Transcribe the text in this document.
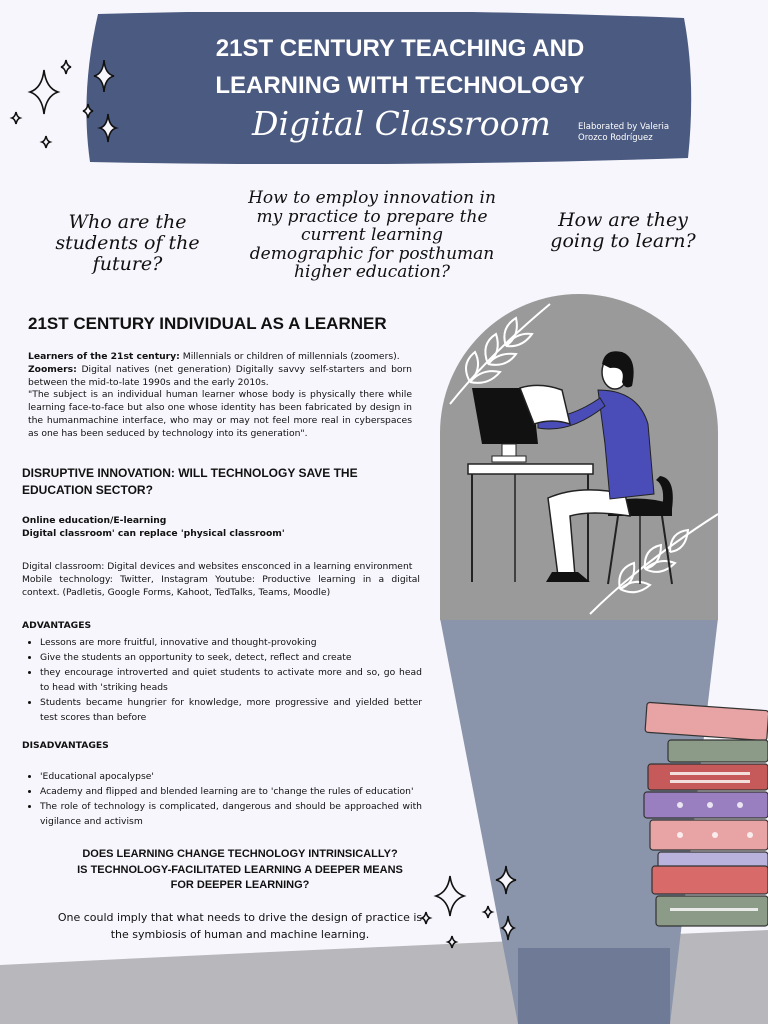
21ST CENTURY TEACHING AND
LEARNING WITH TECHNOLOGY
Digital Classroom	Elaborated by Valeria
Orozco Rodríguez
Who are the students of the future?
How to employ innovation in my practice to prepare the current learning demographic for posthuman higher education?
How are they going to learn?
21ST CENTURY INDIVIDUAL AS A LEARNER

Learners of the 21st century: Millennials or children of millennials (zoomers).

Zoomers: Digital natives (net generation) Digitally savvy self-starters and born between the mid-to-late 1990s and the early 2010s.

"The subject is an individual human learner whose body is physically there while learning face-to-face but also one whose identity has been fabricated by design in the humanmachine interface, who may or may not feel more real in cyberspaces as one has been seduced by technology into its generation".

DISRUPTIVE INNOVATION: WILL TECHNOLOGY SAVE THE EDUCATION SECTOR?

Online education/E-learning

Digital classroom' can replace 'physical classroom'

Digital classroom: Digital devices and websites ensconced in a learning environment

Mobile technology: Twitter, Instagram Youtube: Productive learning in a digital context. (Padletis, Google Forms, Kahoot, TedTalks, Teams, Moodle)

ADVANTAGES

• Lessons are more fruitful, innovative and thought-provoking
• Give the students an opportunity to seek, detect, reflect and create
• they encourage introverted and quiet students to activate more and so, go head to head with 'striking heads
• Students became hungrier for knowledge, more progressive and yielded better test scores than before

DISADVANTAGES

• 'Educational apocalypse'
• Academy and flipped and blended learning are to 'change the rules of education'
• The role of technology is complicated, dangerous and should be approached with vigilance and activism
DOES LEARNING CHANGE TECHNOLOGY INTRINSICALLY?
IS TECHNOLOGY-FACILITATED LEARNING A DEEPER MEANS
FOR DEEPER LEARNING?
One could imply that what needs to drive the design of practice is
the symbiosis of human and machine learning.
